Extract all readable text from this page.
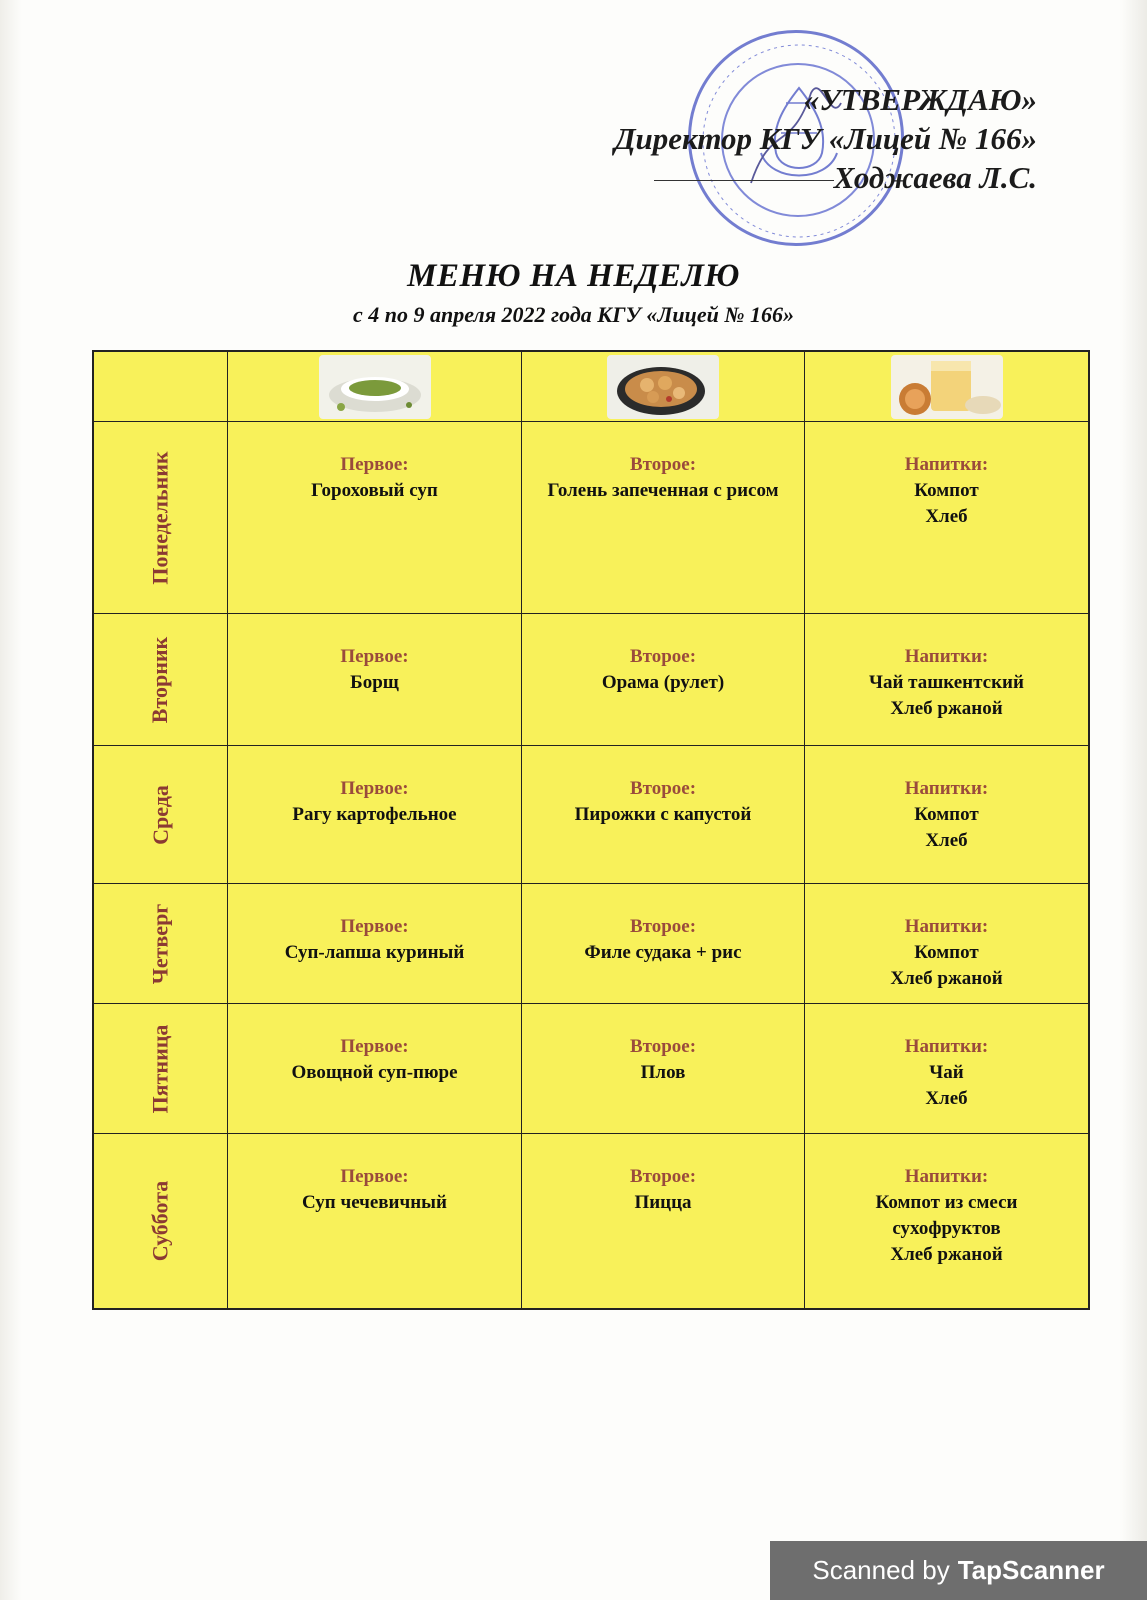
«УТВЕРЖДАЮ»
Директор КГУ «Лицей № 166»
Ходжаева Л.С.
МЕНЮ НА НЕДЕЛЮ
с 4 по 9 апреля 2022 года КГУ «Лицей № 166»
Понедельник	Первое:
Гороховый суп
Вторoе:
Голень запеченная с рисом
Напитки:
Компот
Хлеб
Вторник	Первое:
Борщ
Второе:
Орама (рулет)
Напитки:
Чай ташкентский
Хлеб ржаной
Среда	Первое:
Рагу картофельное
Второе:
Пирожки с капустой
Напитки:
Компот
Хлеб
Четверг	Первое:
Суп-лапша куриный
Второе:
Филе судака + рис
Напитки:
Компот
Хлеб ржаной
Пятница	Первое:
Овощной суп-пюре
Второе:
Плов
Напитки:
Чай
Хлеб
Суббота
Первое:
Суп чечевичный
Второе:
Пицца
Напитки:
Компот из смеси сухофруктов
Хлеб ржаной
Scanned by TapScanner
